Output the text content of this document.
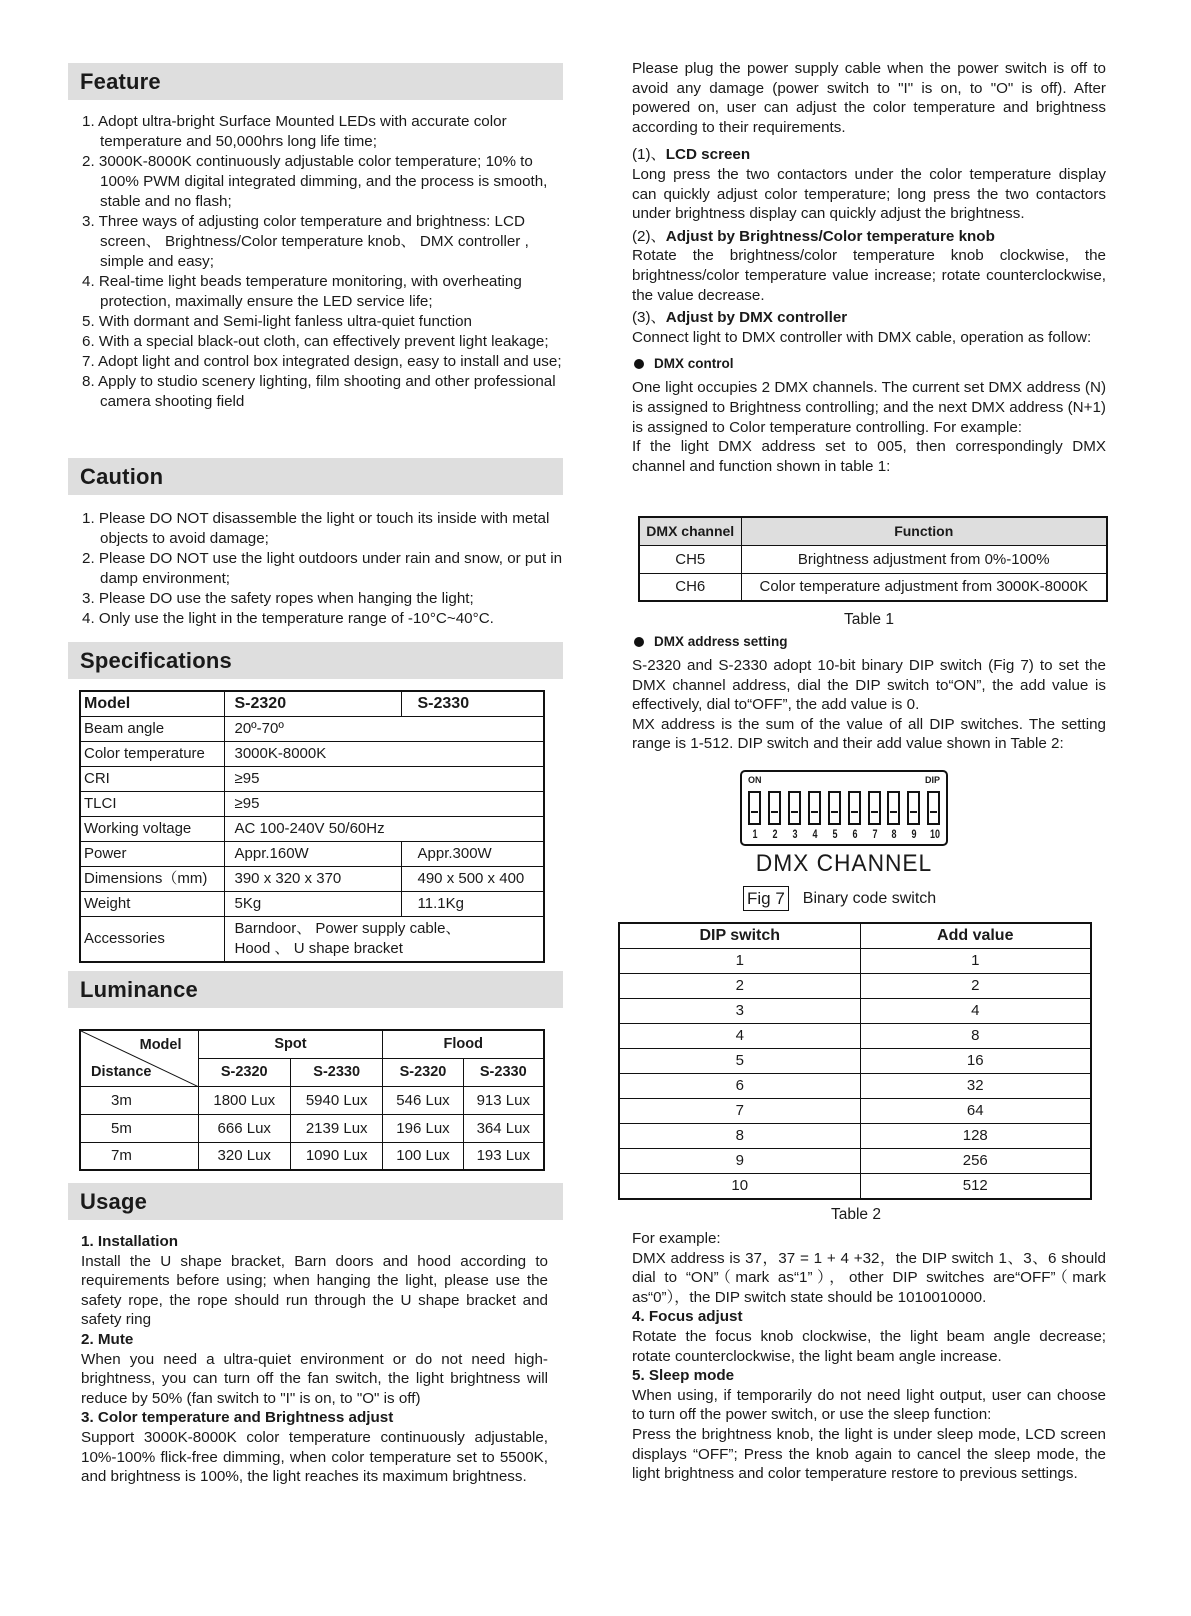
Feature
1. Adopt ultra-bright Surface Mounted LEDs with accurate color temperature and 50,000hrs long life time;
2. 3000K-8000K continuously adjustable color temperature; 10% to 100% PWM digital integrated dimming, and the process is smooth, stable and no flash;
3. Three ways of adjusting color temperature and brightness: LCD screen、 Brightness/Color temperature knob、 DMX controller , simple and easy;
4. Real-time light beads temperature monitoring, with overheating protection, maximally ensure the LED service life;
5. With dormant and Semi-light fanless ultra-quiet function
6. With a special black-out cloth, can effectively prevent light leakage;
7. Adopt light and control box integrated design, easy to install and use;
8. Apply to studio scenery lighting, film shooting and other professional camera shooting field
Caution
1. Please DO NOT disassemble the light or touch its inside with metal objects to avoid damage;
2. Please DO NOT use the light outdoors under rain and snow, or put in damp environment;
3. Please DO use the safety ropes when hanging the light;
4. Only use the light in the temperature range of -10°C~40°C.
Specifications
Model	S-2320	S-2330
Beam angle	20º-70º	
Color temperature	3000K-8000K	
CRI	≥95	
TLCI	≥95	
Working voltage	AC 100-240V 50/60Hz	
Power	Appr.160W	Appr.300W
Dimensions（mm)	390 x 320 x 370	490 x 500 x 400
Weight	5Kg	11.1Kg
Accessories	Barndoor、 Power supply cable、
Hood 、 U shape bracket	
Luminance
Model
Distance	Spot		Flood	
	S-2320	S-2330	S-2320	S-2330
3m	1800 Lux	5940 Lux	546 Lux	913 Lux
5m	666 Lux	2139 Lux	196 Lux	364 Lux
7m	320 Lux	1090 Lux	100 Lux	193 Lux
Usage
1. Installation
Install the U shape bracket, Barn doors and hood according to requirements before using; when hanging the light, please use the safety rope, the rope should run through the U shape bracket and safety ring
2. Mute
When you need a ultra-quiet environment or do not need high-brightness, you can turn off the fan switch, the light brightness will reduce by 50% (fan switch to "I" is on, to "O" is off)
3. Color temperature and Brightness adjust
Support 3000K-8000K color temperature continuously adjustable, 10%-100% flick-free dimming, when color temperature set to 5500K, and brightness is 100%, the light reaches its maximum brightness.
Please plug the power supply cable when the power switch is off to avoid any damage (power switch to "I" is on, to "O" is off). After powered on, user can adjust the color temperature and brightness according to their requirements.
(1)、LCD screen
Long press the two contactors under the color temperature display can quickly adjust color temperature; long press the two contactors under brightness display can quickly adjust the brightness.
(2)、Adjust by Brightness/Color temperature knob
Rotate the brightness/color temperature knob clockwise, the brightness/color temperature value increase; rotate counterclockwise, the value decrease.
(3)、Adjust by DMX controller
Connect light to DMX controller with DMX cable, operation as follow:
DMX control
One light occupies 2 DMX channels. The current set DMX address (N) is assigned to Brightness controlling; and the next DMX address (N+1) is assigned to Color temperature controlling. For example:
If the light DMX address set to 005, then correspondingly DMX channel and function shown in table 1:
DMX channel	Function
CH5	Brightness adjustment from 0%-100%
CH6	Color temperature adjustment from 3000K-8000K
Table 1
DMX address setting
S-2320 and S-2330 adopt 10-bit binary DIP switch (Fig 7) to set the DMX channel address, dial the DIP switch to“ON”, the add value is effectively, dial to“OFF”, the add value is 0.
MX address is the sum of the value of all DIP switches. The setting range is 1-512. DIP switch and their add value shown in Table 2:
ON	DIP
1 2 3 4 5 6 7 8 9 10
DMX CHANNEL
Fig 7 Binary code switch
DIP switch	Add value
1	1
2	2
3	4
4	8
5	16
6	32
7	64
8	128
9	256
10	512
Table 2
For example:
DMX address is 37，37 = 1 + 4 +32，the DIP switch 1、3、6 should dial to “ON”（mark as“1”），other DIP switches are“OFF”（mark as“0”），the DIP switch state should be 1010010000.
4. Focus adjust
Rotate the focus knob clockwise, the light beam angle decrease; rotate counterclockwise, the light beam angle increase.
5. Sleep mode
When using, if temporarily do not need light output, user can choose to turn off the power switch, or use the sleep function:
Press the brightness knob, the light is under sleep mode, LCD screen displays “OFF”; Press the knob again to cancel the sleep mode, the light brightness and color temperature restore to previous settings.
